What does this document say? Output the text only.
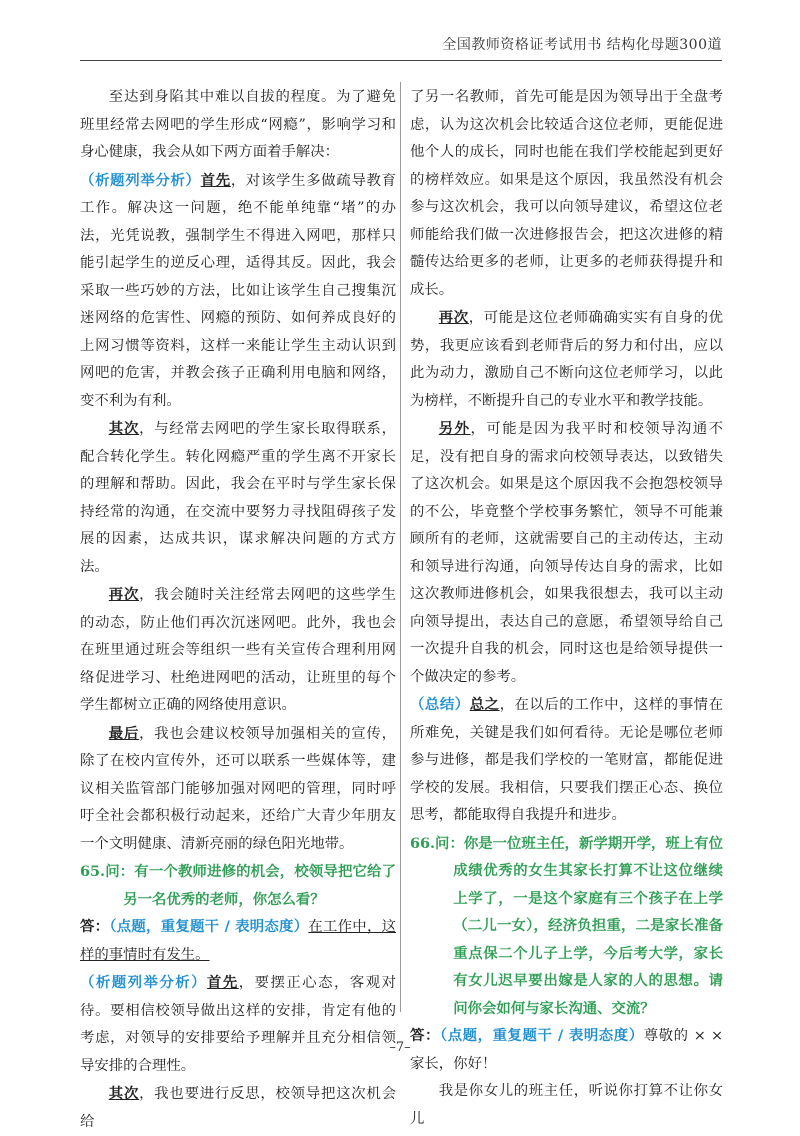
全国教师资格证考试用书 结构化母题300道

至达到身陷其中难以自拔的程度。为了避免班里经常去网吧的学生形成“网瘾”，影响学习和身心健康，我会从如下两方面着手解决：

（析题列举分析）首先，对该学生多做疏导教育工作。解决这一问题，绝不能单纯靠“堵”的办法，光凭说教，强制学生不得进入网吧，那样只能引起学生的逆反心理，适得其反。因此，我会采取一些巧妙的方法，比如让该学生自己搜集沉迷网络的危害性、网瘾的预防、如何养成良好的上网习惯等资料，这样一来能让学生主动认识到网吧的危害，并教会孩子正确利用电脑和网络，变不利为有利。

其次，与经常去网吧的学生家长取得联系，配合转化学生。转化网瘾严重的学生离不开家长的理解和帮助。因此，我会在平时与学生家长保持经常的沟通，在交流中要努力寻找阻碍孩子发展的因素，达成共识，谋求解决问题的方式方法。

再次，我会随时关注经常去网吧的这些学生的动态，防止他们再次沉迷网吧。此外，我也会在班里通过班会等组织一些有关宣传合理利用网络促进学习、杜绝进网吧的活动，让班里的每个学生都树立正确的网络使用意识。

最后，我也会建议校领导加强相关的宣传，除了在校内宣传外，还可以联系一些媒体等，建议相关监管部门能够加强对网吧的管理，同时呼吁全社会都积极行动起来，还给广大青少年朋友一个文明健康、清新亮丽的绿色阳光地带。

65.问：有一个教师进修的机会，校领导把它给了另一名优秀的老师，你怎么看？

答：（点题，重复题干 / 表明态度）在工作中，这样的事情时有发生。

（析题列举分析）首先，要摆正心态，客观对待。要相信校领导做出这样的安排，肯定有他的考虑，对领导的安排要给予理解并且充分相信领导安排的合理性。

其次，我也要进行反思，校领导把这次机会给

了另一名教师，首先可能是因为领导出于全盘考虑，认为这次机会比较适合这位老师，更能促进他个人的成长，同时也能在我们学校能起到更好的榜样效应。如果是这个原因，我虽然没有机会参与这次机会，我可以向领导建议，希望这位老师能给我们做一次进修报告会，把这次进修的精髓传达给更多的老师，让更多的老师获得提升和成长。

再次，可能是这位老师确确实实有自身的优势，我更应该看到老师背后的努力和付出，应以此为动力，激励自己不断向这位老师学习，以此为榜样，不断提升自己的专业水平和教学技能。

另外，可能是因为我平时和校领导沟通不足，没有把自身的需求向校领导表达，以致错失了这次机会。如果是这个原因我不会抱怨校领导的不公，毕竟整个学校事务繁忙，领导不可能兼顾所有的老师，这就需要自己的主动传达，主动和领导进行沟通，向领导传达自身的需求，比如这次教师进修机会，如果我很想去，我可以主动向领导提出，表达自己的意愿，希望领导给自己一次提升自我的机会，同时这也是给领导提供一个做决定的参考。

（总结）总之，在以后的工作中，这样的事情在所难免，关键是我们如何看待。无论是哪位老师参与进修，都是我们学校的一笔财富，都能促进学校的发展。我相信，只要我们摆正心态、换位思考，都能取得自我提升和进步。

66.问：你是一位班主任，新学期开学，班上有位成绩优秀的女生其家长打算不让这位继续上学了，一是这个家庭有三个孩子在上学（二儿一女），经济负担重，二是家长准备重点保二个儿子上学，今后考大学，家长有女儿迟早要出嫁是人家的人的思想。请问你会如何与家长沟通、交流？

答：（点题，重复题干 / 表明态度）尊敬的 × × 家长，你好！

我是你女儿的班主任，听说你打算不让你女儿

–7–
